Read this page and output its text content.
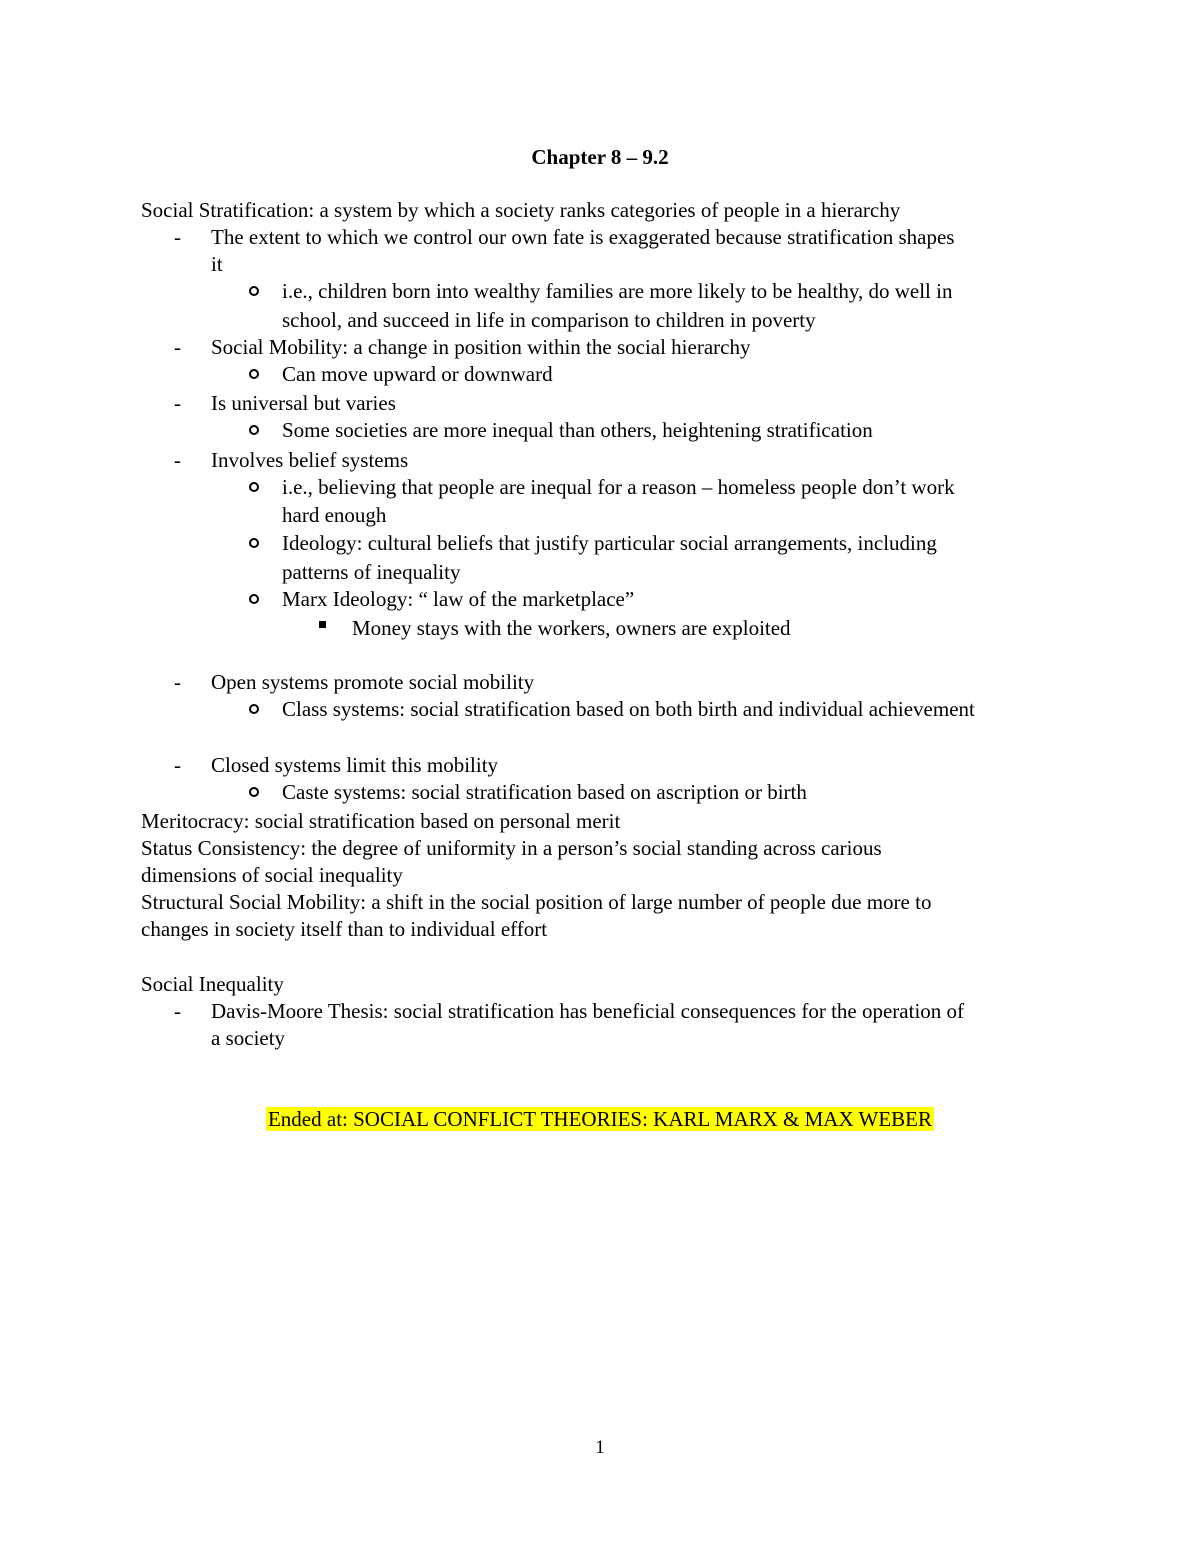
Chapter 8 – 9.2
Social Stratification: a system by which a society ranks categories of people in a hierarchy
- The extent to which we control our own fate is exaggerated because stratification shapes
it
i.e., children born into wealthy families are more likely to be healthy, do well in
school, and succeed in life in comparison to children in poverty
- Social Mobility: a change in position within the social hierarchy
Can move upward or downward
- Is universal but varies
Some societies are more inequal than others, heightening stratification
- Involves belief systems
i.e., believing that people are inequal for a reason – homeless people don’t work
hard enough
Ideology: cultural beliefs that justify particular social arrangements, including
patterns of inequality
Marx Ideology: “ law of the marketplace”
Money stays with the workers, owners are exploited
- Open systems promote social mobility
Class systems: social stratification based on both birth and individual achievement
- Closed systems limit this mobility
Caste systems: social stratification based on ascription or birth
Meritocracy: social stratification based on personal merit
Status Consistency: the degree of uniformity in a person’s social standing across carious
dimensions of social inequality
Structural Social Mobility: a shift in the social position of large number of people due more to
changes in society itself than to individual effort
Social Inequality
- Davis-Moore Thesis: social stratification has beneficial consequences for the operation of
a society
Ended at: SOCIAL CONFLICT THEORIES: KARL MARX & MAX WEBER
1
